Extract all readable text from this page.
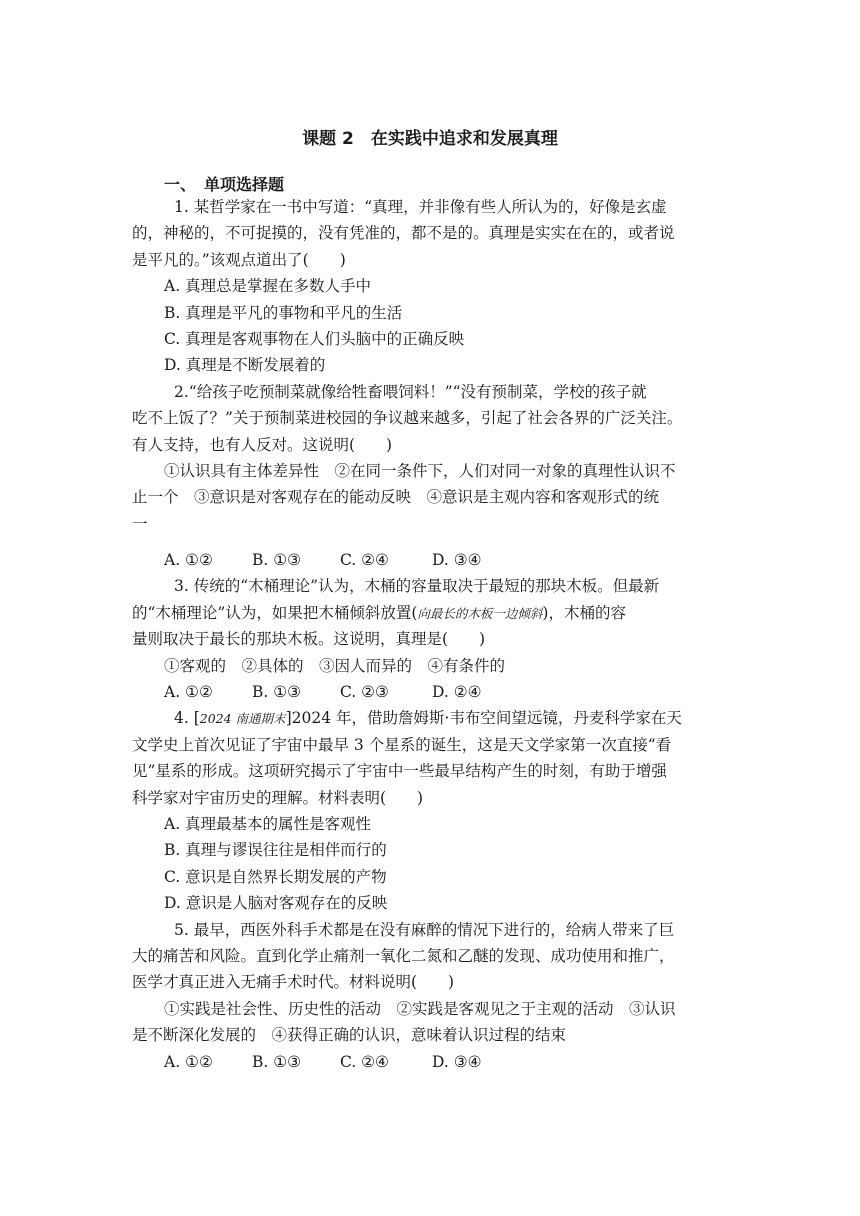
课题 2　在实践中追求和发展真理
一、　单项选择题
1. 某哲学家在一书中写道：“真理，并非像有些人所认为的，好像是玄虚
的，神秘的，不可捉摸的，没有凭准的，都不是的。真理是实实在在的，或者说
是平凡的。”该观点道出了(　　)
A. 真理总是掌握在多数人手中
B. 真理是平凡的事物和平凡的生活
C. 真理是客观事物在人们头脑中的正确反映
D. 真理是不断发展着的
2.“给孩子吃预制菜就像给牲畜喂饲料！”“没有预制菜，学校的孩子就
吃不上饭了？”关于预制菜进校园的争议越来越多，引起了社会各界的广泛关注。
有人支持，也有人反对。这说明(　　)
①认识具有主体差异性　②在同一条件下，人们对同一对象的真理性认识不
止一个　③意识是对客观存在的能动反映　④意识是主观内容和客观形式的统
一
A. ①②	B. ①③	C. ②④	D. ③④
3. 传统的“木桶理论”认为，木桶的容量取决于最短的那块木板。但最新
的“木桶理论”认为，如果把木桶倾斜放置(向最长的木板一边倾斜)，木桶的容
量则取决于最长的那块木板。这说明，真理是(　　)
①客观的　②具体的　③因人而异的　④有条件的
A. ①②	B. ①③	C. ②③	D. ②④
4. [2024 南通期末]2024 年，借助詹姆斯·韦布空间望远镜，丹麦科学家在天
文学史上首次见证了宇宙中最早 3 个星系的诞生，这是天文学家第一次直接“看
见”星系的形成。这项研究揭示了宇宙中一些最早结构产生的时刻，有助于增强
科学家对宇宙历史的理解。材料表明(　　)
A. 真理最基本的属性是客观性
B. 真理与谬误往往是相伴而行的
C. 意识是自然界长期发展的产物
D. 意识是人脑对客观存在的反映
5. 最早，西医外科手术都是在没有麻醉的情况下进行的，给病人带来了巨
大的痛苦和风险。直到化学止痛剂一氧化二氮和乙醚的发现、成功使用和推广，
医学才真正进入无痛手术时代。材料说明(　　)
①实践是社会性、历史性的活动　②实践是客观见之于主观的活动　③认识
是不断深化发展的　④获得正确的认识，意味着认识过程的结束
A. ①②	B. ①③	C. ②④	D. ③④
